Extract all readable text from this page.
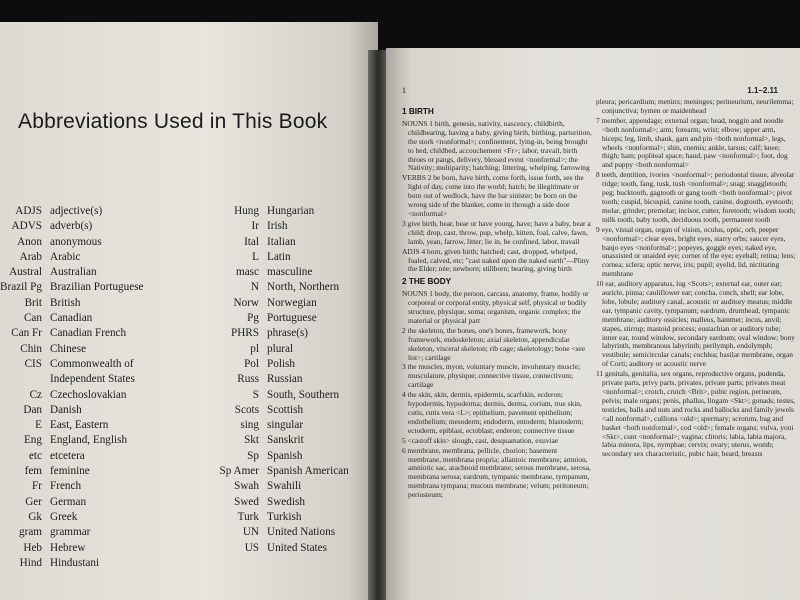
Abbreviations Used in This Book
ADJS adjective(s)
ADVS adverb(s)
Anon anonymous
Arab Arabic
Austral Australian
Brazil Pg Brazilian Portuguese
Brit British
Can Canadian
Can Fr Canadian French
Chin Chinese
CIS Commonwealth of
Independent States
Cz Czechoslovakian
Dan Danish
E East, Eastern
Eng England, English
etc etcetera
fem feminine
Fr French
Ger German
Gk Greek
gram grammar
Heb Hebrew
Hind Hindustani
Hung Hungarian
Ir Irish
Ital Italian
L Latin
masc masculine
N North, Northern
Norw Norwegian
Pg Portuguese
PHRS phrase(s)
pl plural
Pol Polish
Russ Russian
S South, Southern
Scots Scottish
sing singular
Skt Sanskrit
Sp Spanish
Sp Amer Spanish American
Swah Swahili
Swed Swedish
Turk Turkish
UN United Nations
US United States
1	1.1–2.11
1 BIRTH
NOUNS 1 birth, genesis, nativity, nascency, childbirth, childbearing, having a baby, giving birth, birthing, parturition, the stork <nonformal>; confinement, lying-in, being brought to bed, childbed, accouchement <Fr>; labor, travail, birth throes or pangs, delivery, blessed event <nonformal>; the Nativity; multiparity; hatching; littering, whelping, farrowing
VERBS 2 be born, have birth, come forth, issue forth, see the light of day, come into the world; hatch; be illegitimate or born out of wedlock, have the bar sinister; be born on the wrong side of the blanket, come in through a side door <nonformal>
3 give birth, bear, bear or have young, have; have a baby, bear a child; drop, cast, throw, pup, whelp, kitten, foal, calve, fawn, lamb, yean, farrow, litter; lie in, be confined, labor, travail
ADJS 4 born, given birth; hatched; cast, dropped, whelped, foaled, calved, etc; "cast naked upon the naked earth"—Pliny the Elder; née; newborn; stillborn; bearing, giving birth
2 THE BODY
NOUNS 1 body, the person, carcass, anatomy, frame, bodily or corporeal or corporal entity, physical self, physical or bodily structure, physique, soma; organism, organic complex; the material or physical part
2 the skeleton, the bones, one's bones, framework, bony framework, endoskeleton; axial skeleton, appendicular skeleton, visceral skeleton; rib cage; skeletology; bone <see list>; cartilage
3 the muscles, myon, voluntary muscle, involuntary muscle; musculature, physique; connective tissue, connectivum; cartilage
4 the skin, skin, dermis, epidermis, scarfskin, ecderon; hypodermis, hypoderma; dermis, derma, corium, true skin, cutis, cutis vera <L>; epithelium, pavement epithelium; endothelium; mesoderm; endoderm, entoderm; blastoderm; ectoderm, epiblast, ectoblast; enderon; connective tissue
5 <castoff skin> slough, cast, desquamation, exuviae
6 membrane, membrana, pellicle, chorion; basement membrane, membrana propria; allantoic membrane; amnion, amniotic sac, arachnoid membrane; serous membrane, serosa, membrana serosa; eardrum, tympanic membrane, tympanum, membrana tympana; mucous membrane; velum; peritoneum; periosteum;
pleura; pericardium; meninx; meninges; perineurium, neurilemma; conjunctiva; hymen or maidenhead
7 member, appendage; external organ; head, noggin and noodle <both nonformal>; arm; forearm; wrist; elbow; upper arm, biceps; leg, limb, shank, gam and pin <both nonformal>, legs, wheels <nonformal>; shin, cnemis; ankle, tarsus; calf; knee; thigh; ham; popliteal space; hand, paw <nonformal>; foot, dog and puppy <both nonformal>
8 teeth, dentition, ivories <nonformal>; periodontal tissue, alveolar ridge; tooth, fang, tusk, tush <nonformal>; snag; snaggletooth; peg; bucktooth, gagtooth or gang tooth <both nonformal>; pivot tooth; cuspid, bicuspid, canine tooth, canine, dogtooth, eyetooth; molar, grinder; premolar; incisor, cutter, foretooth; wisdom tooth; milk tooth, baby tooth, deciduous tooth, permanent tooth
9 eye, visual organ, organ of vision, oculus, optic, orb, peeper <nonformal>; clear eyes, bright eyes, starry orbs; saucer eyes, banjo eyes <nonformal>; popeyes, goggle eyes; naked eye, unassisted or unaided eye; corner of the eye; eyeball; retina; lens; cornea; sclera; optic nerve; iris; pupil; eyelid, lid, nictitating membrane
10 ear, auditory apparatus, lug <Scots>; external ear, outer ear; auricle, pinna; cauliflower ear; concha, conch, shell; ear lobe, lobe, lobule; auditory canal, acoustic or auditory meatus; middle ear, tympanic cavity, tympanum; eardrum, drumhead, tympanic membrane; auditory ossicles; malleus, hammer; incus, anvil; stapes, stirrup; mastoid process; eustachian or auditory tube; inner ear, round window, secondary eardrum; oval window; bony labyrinth, membranous labyrinth; perilymph, endolymph; vestibule; semicircular canals; cochlea; basilar membrane, organ of Corti; auditory or acoustic nerve
11 genitals, genitalia, sex organs, reproductive organs, pudenda, private parts, privy parts, privates, private parts; privates meat <nonformal>; crotch, crutch <Brit>, pubic region, perineum, pelvis; male organs; penis, phallus, lingam <Skt>; gonads; testes, testicles, balls and nuts and rocks and ballocks and family jewels <all nonformal>, cullions <old>; spermary; scrotum, bag and basket <both nonformal>, cod <old>; female organs; vulva, yoni <Skt>, cunt <nonformal>; vagina; clitoris; labia, labia majora, labia minora, lips, nymphae; cervix; ovary; uterus, womb; secondary sex characteristic, pubic hair, beard, breasts
